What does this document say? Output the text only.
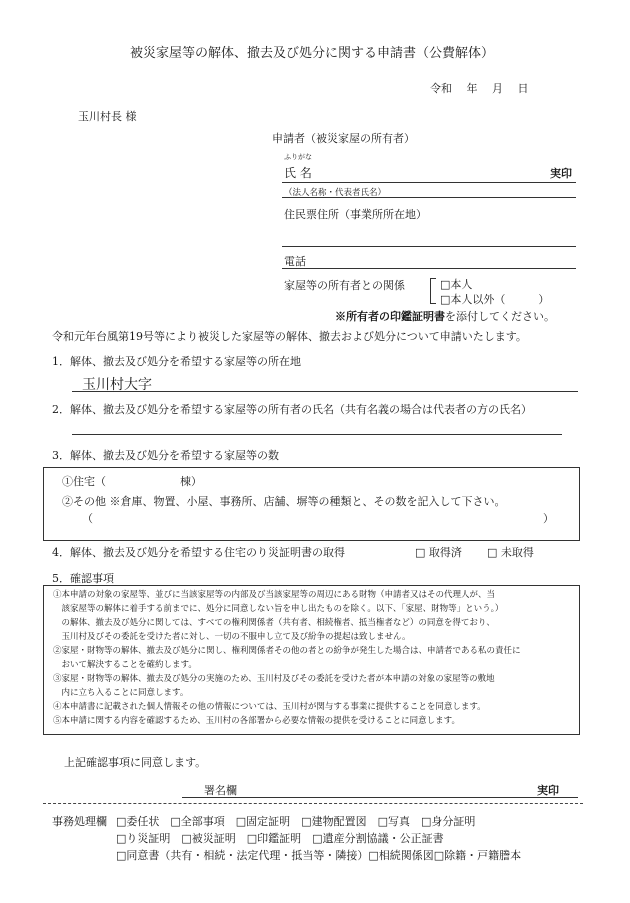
被災家屋等の解体、撤去及び処分に関する申請書（公費解体）
令和　 年　 月　 日
玉川村長 様
申請者（被災家屋の所有者）
ふりがな
氏 名	実印
（法人名称・代表者氏名）
住民票住所（事業所所在地）
電話
家屋等の所有者との関係	□本人
□本人以外（　　　）
※所有者の印鑑証明書を添付してください。
令和元年台風第19号等により被災した家屋等の解体、撤去および処分について申請いたします。
1．解体、撤去及び処分を希望する家屋等の所在地
玉川村大字
2．解体、撤去及び処分を希望する家屋等の所有者の氏名（共有名義の場合は代表者の方の氏名）
3．解体、撤去及び処分を希望する家屋等の数
①住宅（	棟）
②その他 ※倉庫、物置、小屋、事務所、店舗、塀等の種類と、その数を記入して下さい。
（	）
4．解体、撤去及び処分を希望する住宅のり災証明書の取得	□ 取得済 □ 未取得
5．確認事項
①本申請の対象の家屋等、並びに当該家屋等の内部及び当該家屋等の周辺にある財物（申請者又はその代理人が、当
　該家屋等の解体に着手する前までに、処分に同意しない旨を申し出たものを除く。以下、「家屋、財物等」という。）
　の解体、撤去及び処分に関しては、すべての権利関係者（共有者、相続権者、抵当権者など）の同意を得ており、
　玉川村及びその委託を受けた者に対し、一切の不服申し立て及び紛争の提起は致しません。
②家屋・財物等の解体、撤去及び処分に関し、権利関係者その他の者との紛争が発生した場合は、申請者である私の責任に
　おいて解決することを確約します。
③家屋・財物等の解体、撤去及び処分の実施のため、玉川村及びその委託を受けた者が本申請の対象の家屋等の敷地
　内に立ち入ることに同意します。
④本申請書に記載された個人情報その他の情報については、玉川村が関与する事業に提供することを同意します。
⑤本申請に関する内容を確認するため、玉川村の各部署から必要な情報の提供を受けることに同意します。
上記確認事項に同意します。
署名欄	実印
事務処理欄 □委任状　□全部事項　□固定証明　□建物配置図　□写真　□身分証明
□り災証明　□被災証明　□印鑑証明　□遺産分割協議・公正証書
□同意書（共有・相続・法定代理・抵当等・隣接）□相続関係図□除籍・戸籍謄本
